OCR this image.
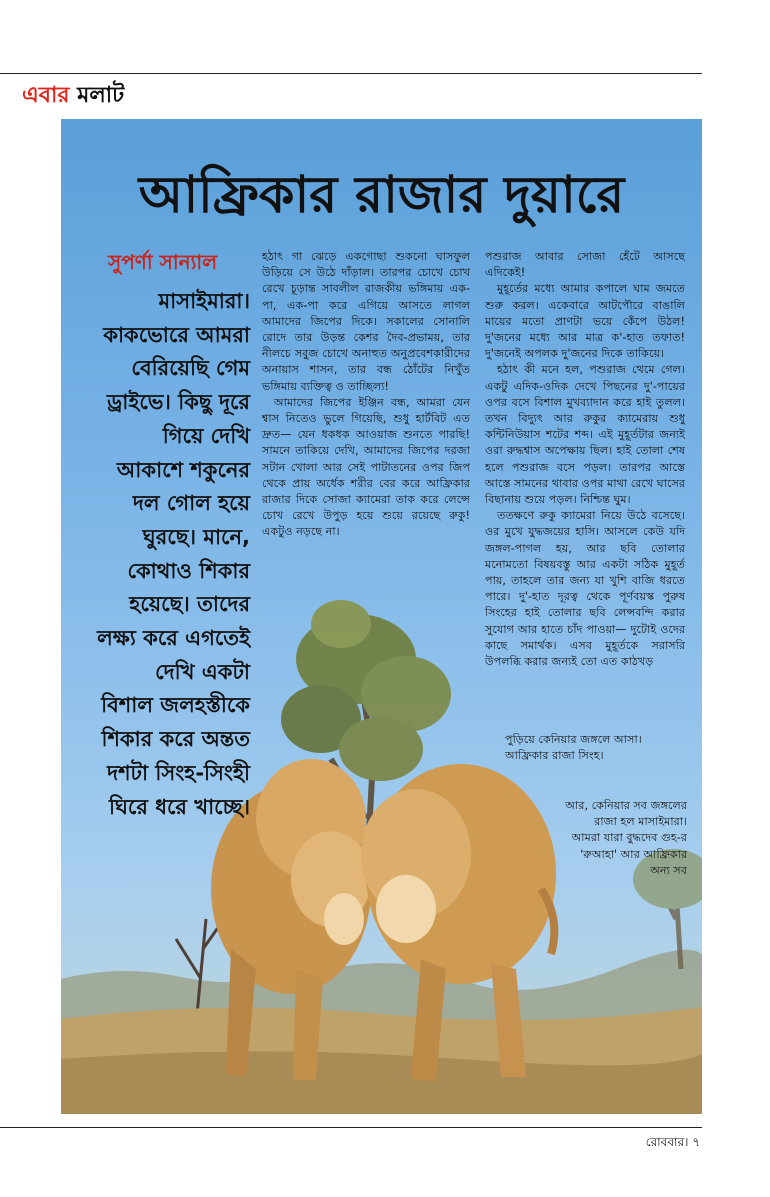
এবার মলাট
আফ্রিকার রাজার দুয়ারে
সুপর্ণা সান্যাল
মাসাইমারা। কাকভোরে আমরা বেরিয়েছি গেম ড্রাইভে। কিছু দূরে গিয়ে দেখি আকাশে শকুনের দল গোল হয়ে ঘুরছে। মানে, কোথাও শিকার হয়েছে। তাদের লক্ষ্য করে এগতেই দেখি একটা বিশাল জলহস্তীকে শিকার করে অন্তত দশটা সিংহ-সিংহী ঘিরে ধরে খাচ্ছে।

হঠাৎ গা ঝেড়ে একগোছা শুকনো ঘাসফুল উড়িয়ে সে উঠে দাঁড়াল। তারপর চোখে চোখ রেখে চূড়ান্ত সাবলীল রাজকীয় ভঙ্গিমায় এক-পা, এক-পা করে এগিয়ে আসতে লাগল আমাদের জিপের দিকে। সকালের সোনালি রোদে তার উড়ন্ত কেশর দৈব-প্রভাময়, তার নীলচে সবুজ চোখে অনাহুত অনুপ্রবেশকারীদের অনায়াস শাসন, তার বন্ধ ঠোঁটের নিখুঁত ভঙ্গিমায় ব্যক্তিত্ব ও তাচ্ছিল্য!

আমাদের জিপের ইঞ্জিন বন্ধ, আমরা যেন শ্বাস নিতেও ভুলে গিয়েছি, শুধু হার্টবিট এত দ্রুত— যেন ধকধক আওয়াজ শুনতে পারছি! সামনে তাকিয়ে দেখি, আমাদের জিপের দরজা সটান খোলা আর সেই পাটাতনের ওপর জিপ থেকে প্রায় অর্ধেক শরীর বের করে আফ্রিকার রাজার দিকে সোজা ক্যামেরা তাক করে লেন্সে চোখ রেখে উপুড় হয়ে শুয়ে রয়েছে রুকু! একটুও নড়ছে না।

পশুরাজ আবার সোজা হেঁটে আসছে এদিকেই!

মুহূর্তের মধ্যে আমার কপালে ঘাম জমতে শুরু করল। একেবারে আটপৌরে বাঙালি মায়ের মতো প্রাণটা ভয়ে কেঁপে উঠল! দু'জনের মধ্যে আর মাত্র ক'-হাত তফাত! দু'জনেই অপলক দু'জনের দিকে তাকিয়ে।

হঠাৎ কী মনে হল, পশুরাজ থেমে গেল। একটু এদিক-ওদিক দেখে পিছনের দু'-পায়ের ওপর বসে বিশাল মুখব্যাদান করে হাই তুলল। তখন বিদ্যুৎ আর রুকুর ক্যামেরায় শুধু কন্টিনিউয়াস শটের শব্দ। এই মুহূর্তটার জন্যই ওরা রুদ্ধশ্বাস অপেক্ষায় ছিল। হাই তোলা শেষ হলে পশুরাজ বসে পড়ল। তারপর আস্তে আস্তে সামনের থাবার ওপর মাথা রেখে ঘাসের বিছানায় শুয়ে পড়ল। নিশ্চিন্ত ঘুম।

ততক্ষণে রুকু ক্যামেরা নিয়ে উঠে বসেছে। ওর মুখে যুদ্ধজয়ের হাসি। আসলে কেউ যদি জঙ্গল-পাগল হয়, আর ছবি তোলার মনোমতো বিষয়বস্তু আর একটা সঠিক মুহূর্ত পায়, তাহলে তার জন্য যা খুশি বাজি ধরতে পারে। দু'-হাত দূরত্ব থেকে পূর্ণবয়স্ক পুরুষ সিংহের হাই তোলার ছবি লেন্সবন্দি করার সুযোগ আর হাতে চাঁদ পাওয়া— দুটোই ওদের কাছে সমার্থক। এসব মুহূর্তকে সরাসরি উপলব্ধি করার জন্যই তো এত কাঠখড়

পুড়িয়ে কেনিয়ার জঙ্গলে আসা। আফ্রিকার রাজা সিংহ।
আর, কেনিয়ার সব জঙ্গলের রাজা হল মাসাইমারা। আমরা যারা বুদ্ধদেব গুহ-র 'রুআহা' আর আফ্রিকার অন্য সব
রোববার। ৭
